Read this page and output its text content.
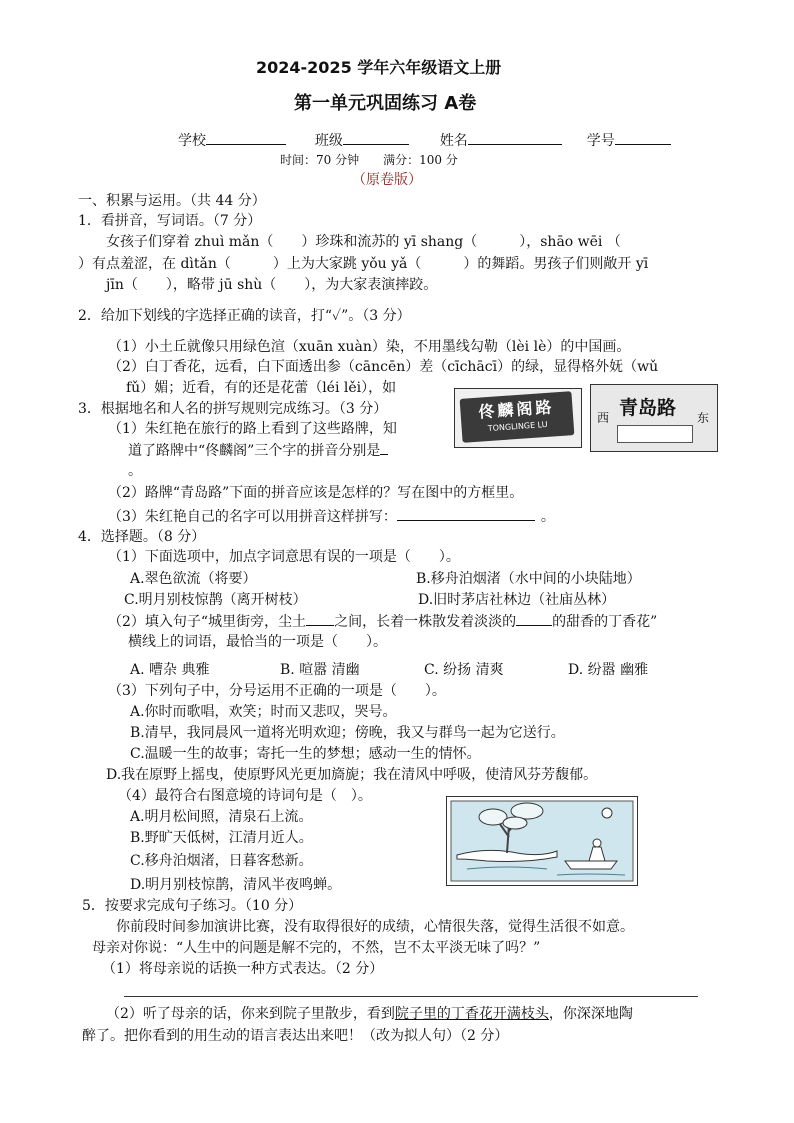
2024-2025 学年六年级语文上册
第一单元巩固练习 A卷
学校	班级	姓名	学号
时间：70 分钟　　满分：100 分
（原卷版）
一、积累与运用。（共 44 分）
1．看拼音，写词语。（7 分）
女孩子们穿着 zhuì mǎn（　　）珍珠和流苏的 yī shang（　　　），shāo wēi （
）有点羞涩，在 dìtǎn（　　　）上为大家跳 yǒu yǎ（　　　）的舞蹈。男孩子们则敞开 yī
jīn（　　），略带 jū shù（　　），为大家表演摔跤。
2．给加下划线的字选择正确的读音，打“✓”。（3 分）
（1）小土丘就像只用绿色渲（xuān xuàn）染，不用墨线勾勒（lèi lè）的中国画。
（2）白丁香花，远看，白下面透出参（cāncēn）差（cīchācī）的绿，显得格外妩（wǔ
fǔ）媚；近看，有的还是花蕾（léi lěi），如
3．根据地名和人名的拼写规则完成练习。（3 分）
（1）朱红艳在旅行的路上看到了这些路牌，知
道了路牌中“佟麟阁”三个字的拼音分别是
。
佟麟阁路
TONGLINGE LU
西 青岛路 东
（2）路牌“青岛路”下面的拼音应该是怎样的？写在图中的方框里。
（3）朱红艳自己的名字可以用拼音这样拼写：	。
4．选择题。（8 分）
（1）下面选项中，加点字词意思有误的一项是（　　）。
A.翠色欲流（将要）	B.移舟泊烟渚（水中间的小块陆地）
C.明月别枝惊鹊（离开树枝）	D.旧时茅店社林边（社庙丛林）
（2）填入句子“城里街旁，尘土 之间，长着一株散发着淡淡的	的甜香的丁香花”
横线上的词语，最恰当的一项是（　　）。
A. 嘈杂 典雅	B. 喧嚣 清幽	C. 纷扬 清爽	D. 纷嚣 幽雅
（3）下列句子中，分号运用不正确的一项是（　　）。
A.你时而歌唱，欢笑；时而又悲叹，哭号。
B.清早，我同晨风一道将光明欢迎；傍晚，我又与群鸟一起为它送行。
C.温暖一生的故事；寄托一生的梦想；感动一生的情怀。
D.我在原野上摇曳，使原野风光更加旖旎；我在清风中呼吸，使清风芬芳馥郁。
（4）最符合右图意境的诗词句是（　）。
A.明月松间照，清泉石上流。
B.野旷天低树，江清月近人。
C.移舟泊烟渚，日暮客愁新。
D.明月别枝惊鹊，清风半夜鸣蝉。
5．按要求完成句子练习。（10 分）
你前段时间参加演讲比赛，没有取得很好的成绩，心情很失落，觉得生活很不如意。
母亲对你说：“人生中的问题是解不完的，不然，岂不太平淡无味了吗？”
（1）将母亲说的话换一种方式表达。（2 分）
（2）听了母亲的话，你来到院子里散步，看到院子里的丁香花开满枝头，你深深地陶
醉了。把你看到的用生动的语言表达出来吧！（改为拟人句）（2 分）
